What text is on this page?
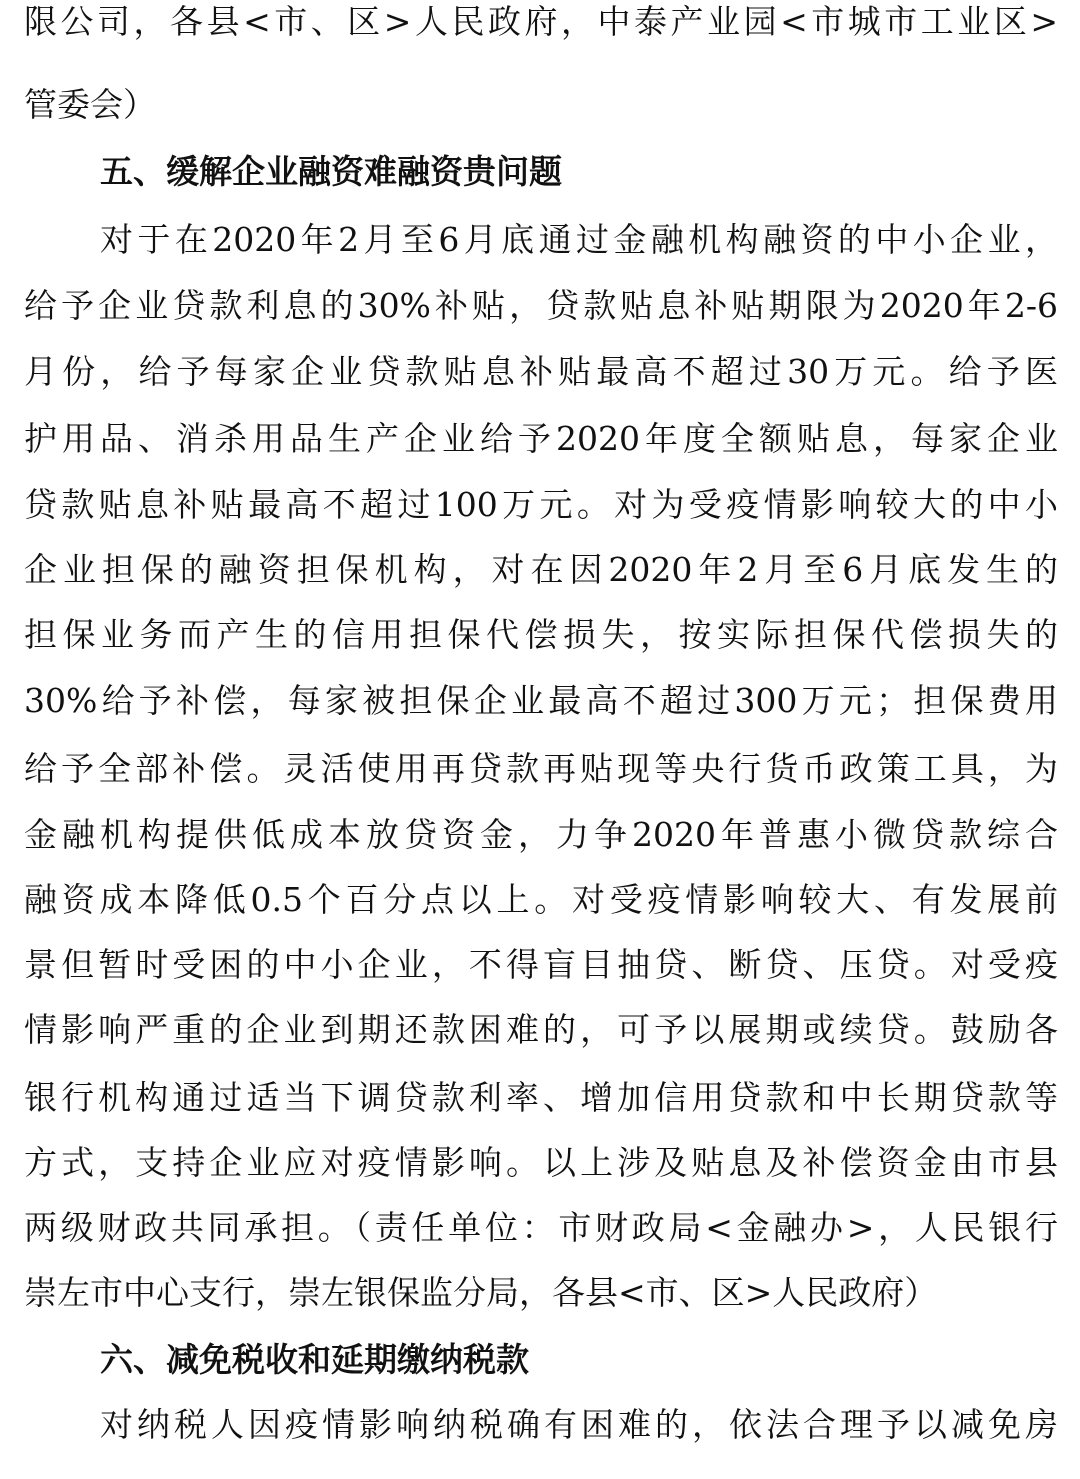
限公司，各县<市、区>人民政府，中泰产业园<市城市工业区>
管委会）
五、缓解企业融资难融资贵问题
对于在2020年2月至6月底通过金融机构融资的中小企业，
给予企业贷款利息的30%补贴，贷款贴息补贴期限为2020年2-6
月份，给予每家企业贷款贴息补贴最高不超过30万元。给予医
护用品、消杀用品生产企业给予2020年度全额贴息，每家企业
贷款贴息补贴最高不超过100万元。对为受疫情影响较大的中小
企业担保的融资担保机构，对在因2020年2月至6月底发生的
担保业务而产生的信用担保代偿损失，按实际担保代偿损失的
30%给予补偿，每家被担保企业最高不超过300万元；担保费用
给予全部补偿。灵活使用再贷款再贴现等央行货币政策工具，为
金融机构提供低成本放贷资金，力争2020年普惠小微贷款综合
融资成本降低0.5个百分点以上。对受疫情影响较大、有发展前
景但暂时受困的中小企业，不得盲目抽贷、断贷、压贷。对受疫
情影响严重的企业到期还款困难的，可予以展期或续贷。鼓励各
银行机构通过适当下调贷款利率、增加信用贷款和中长期贷款等
方式，支持企业应对疫情影响。以上涉及贴息及补偿资金由市县
两级财政共同承担。（责任单位：市财政局<金融办>，人民银行
崇左市中心支行，崇左银保监分局，各县<市、区>人民政府）
六、减免税收和延期缴纳税款
对纳税人因疫情影响纳税确有困难的，依法合理予以减免房
